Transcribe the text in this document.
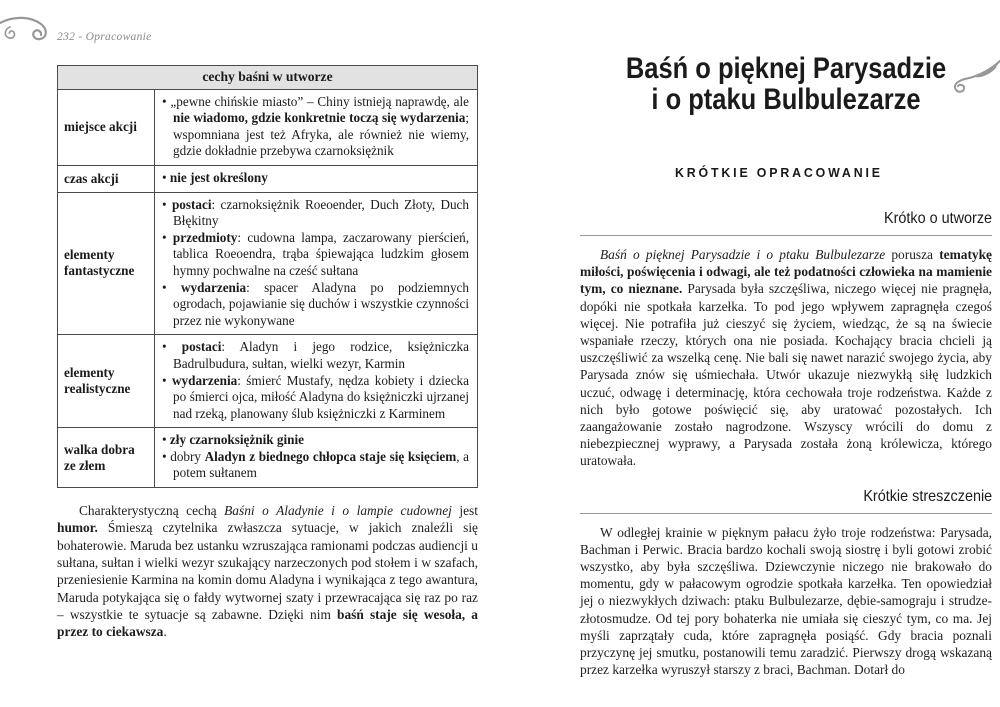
232 - Opracowanie
cechy baśni w utworze	
miejsce akcji	• „pewne chińskie miasto” – Chiny istnieją naprawdę, ale nie wiadomo, gdzie konkretnie toczą się wydarzenia; wspomniana jest też Afryka, ale również nie wiemy, gdzie dokładnie przebywa czarnoksiężnik

czas akcji	• nie jest określony

elementy fantastyczne	• postaci: czarnoksiężnik Roeoender, Duch Złoty, Duch Błękitny
• przedmioty: cudowna lampa, zaczarowany pierścień, tablica Roeoendra, trąba śpiewająca ludzkim głosem hymny pochwalne na cześć sułtana
• wydarzenia: spacer Aladyna po podziemnych ogrodach, pojawianie się duchów i wszystkie czynności przez nie wykonywane

elementy realistyczne	• postaci: Aladyn i jego rodzice, księżniczka Badrulbudura, sułtan, wielki wezyr, Karmin
• wydarzenia: śmierć Mustafy, nędza kobiety i dziecka po śmierci ojca, miłość Aladyna do księżniczki ujrzanej nad rzeką, planowany ślub księżniczki z Karminem

walka dobra ze złem	• zły czarnoksiężnik ginie
• dobry Aladyn z biednego chłopca staje się księciem, a potem sułtanem

Charakterystyczną cechą Baśni o Aladynie i o lampie cudownej jest humor. Śmieszą czytelnika zwłaszcza sytuacje, w jakich znaleźli się bohaterowie. Maruda bez ustanku wzruszająca ramionami podczas audiencji u sułtana, sułtan i wielki wezyr szukający narzeczonych pod stołem i w szafach, przeniesienie Karmina na komin domu Aladyna i wynikająca z tego awantura, Maruda potykająca się o fałdy wytwornej szaty i przewracająca się raz po raz – wszystkie te sytuacje są zabawne. Dzięki nim baśń staje się wesoła, a przez to ciekawsza.

Baśń o pięknej Parysadzie
i o ptaku Bulbulezarze
KRÓTKIE OPRACOWANIE
Krótko o utworze

Baśń o pięknej Parysadzie i o ptaku Bulbulezarze porusza tematykę miłości, poświęcenia i odwagi, ale też podatności człowieka na mamienie tym, co nieznane. Parysada była szczęśliwa, niczego więcej nie pragnęła, dopóki nie spotkała karzełka. To pod jego wpływem zapragnęła czegoś więcej. Nie potrafiła już cieszyć się życiem, wiedząc, że są na świecie wspaniałe rzeczy, których ona nie posiada. Kochający bracia chcieli ją uszczęśliwić za wszelką cenę. Nie bali się nawet narazić swojego życia, aby Parysada znów się uśmiechała. Utwór ukazuje niezwykłą siłę ludzkich uczuć, odwagę i determinację, która cechowała troje rodzeństwa. Każde z nich było gotowe poświęcić się, aby uratować pozostałych. Ich zaangażowanie zostało nagrodzone. Wszyscy wrócili do domu z niebezpiecznej wyprawy, a Parysada została żoną królewicza, którego uratowała.

Krótkie streszczenie

W odległej krainie w pięknym pałacu żyło troje rodzeństwa: Parysada, Bachman i Perwic. Bracia bardzo kochali swoją siostrę i byli gotowi zrobić wszystko, aby była szczęśliwa. Dziewczynie niczego nie brakowało do momentu, gdy w pałacowym ogrodzie spotkała karzełka. Ten opowiedział jej o niezwykłych dziwach: ptaku Bulbulezarze, dębie-samograju i strudze-złotosmudze. Od tej pory bohaterka nie umiała się cieszyć tym, co ma. Jej myśli zaprzątały cuda, które zapragnęła posiąść. Gdy bracia poznali przyczynę jej smutku, postanowili temu zaradzić. Pierwszy drogą wskazaną przez karzełka wyruszył starszy z braci, Bachman. Dotarł do
